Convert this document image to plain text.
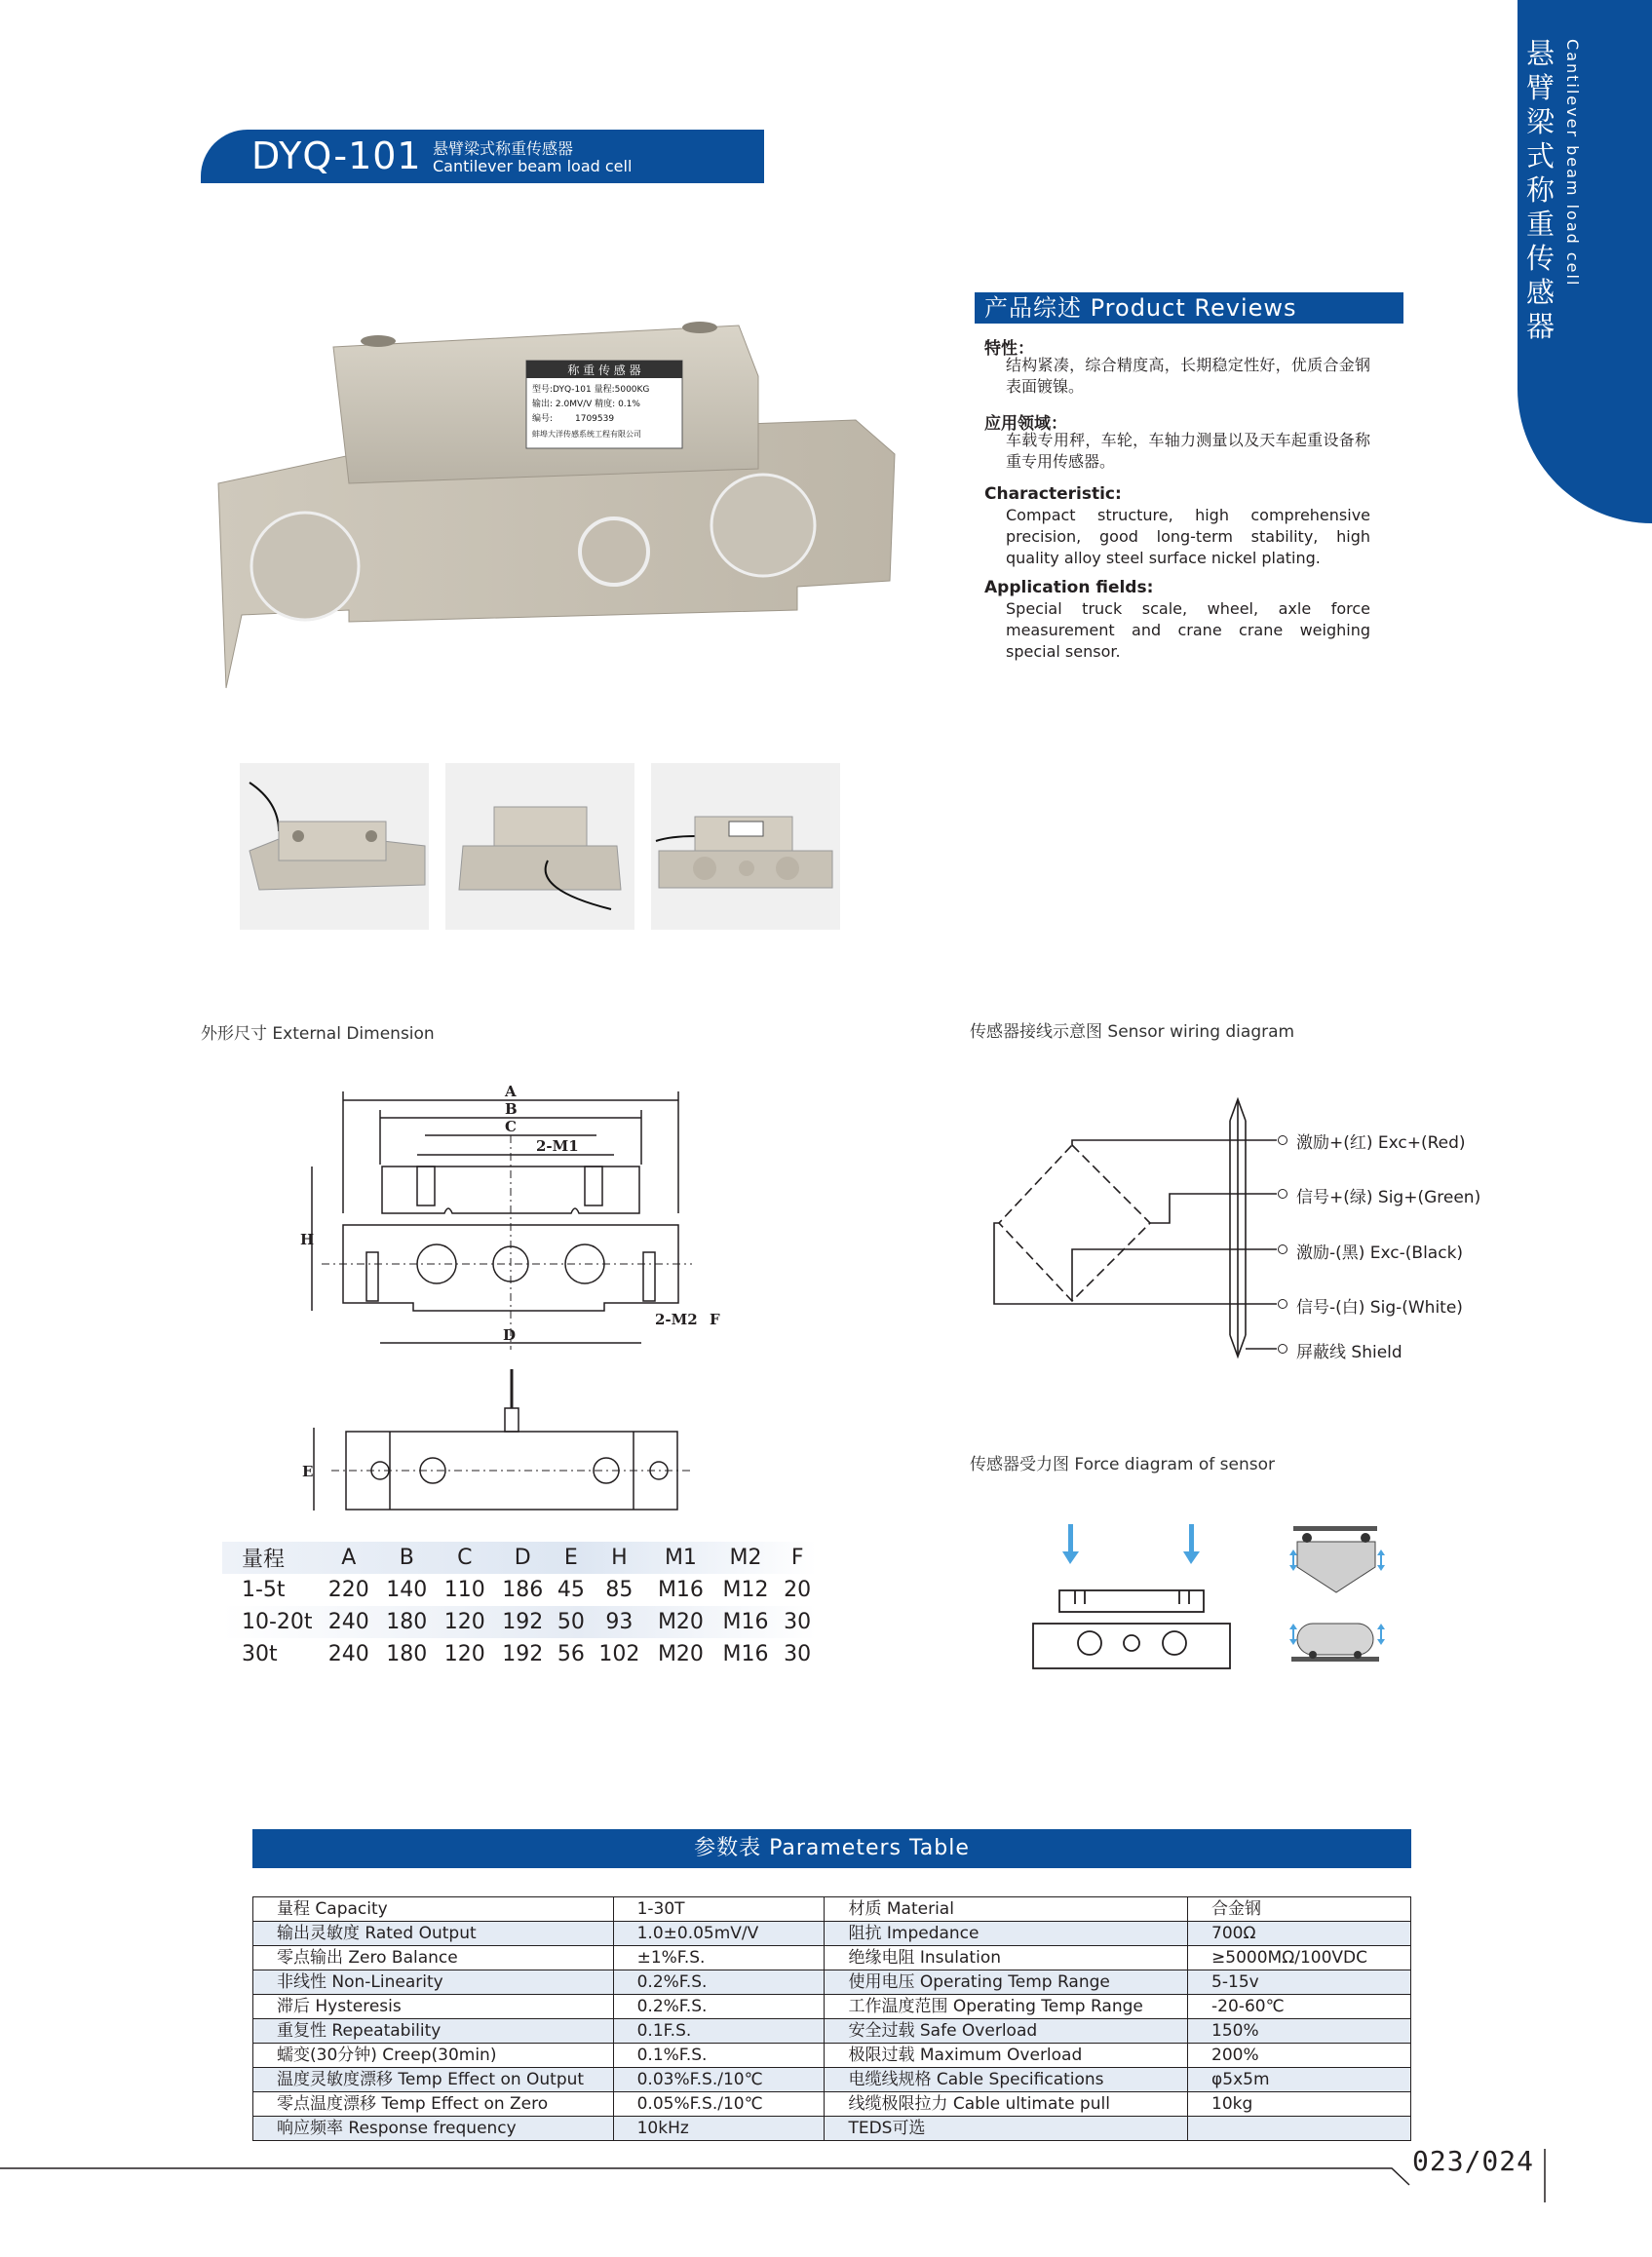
DYQ-101 悬臂梁式称重传感器
Cantilever beam load cell
悬臂梁式称重传感器
Cantilever beam load cell
称 重 传 感 器
型号:DYQ-101 量程:5000KG
输出: 2.0MV/V 精度: 0.1%
编号:	1709539
蚌埠大洋传感系统工程有限公司
产品综述 Product Reviews
特性：
结构紧凑，综合精度高，长期稳定性好，优质合金钢表面镀镍。
应用领域：
车载专用秤，车轮，车轴力测量以及天车起重设备称重专用传感器。
Characteristic:
Compact structure, high comprehensive precision, good long-term stability, high quality alloy steel surface nickel plating.
Application fields:
Special truck scale, wheel, axle force measurement and crane crane weighing special sensor.
外形尺寸 External Dimension	传感器接线示意图 Sensor wiring diagram
传感器受力图 Force diagram of sensor
A
B
C
2-M1
H
D
2-M2 F
E
量程	A	B	C	D	E	H	M1	M2	F
1-5t	220	140	110	186	45	85	M16	M12	20
10-20t	240	180	120	192	50	93	M20	M16	30
30t	240	180	120	192	56	102	M20	M16	30
激励+(红) Exc+(Red)
信号+(绿) Sig+(Green)
激励-(黑) Exc-(Black)
信号-(白) Sig-(White)
屏蔽线 Shield
参数表 Parameters Table
量程 Capacity	1-30T	材质 Material	合金钢
输出灵敏度 Rated Output	1.0±0.05mV/V	阻抗 Impedance	700Ω
零点输出 Zero Balance	±1%F.S.	绝缘电阻 Insulation	≥5000MΩ/100VDC
非线性 Non-Linearity	0.2%F.S.	使用电压 Operating Temp Range	5-15v
滞后 Hysteresis	0.2%F.S.	工作温度范围 Operating Temp Range	-20-60℃
重复性 Repeatability	0.1F.S.	安全过载 Safe Overload	150%
蠕变(30分钟) Creep(30min)	0.1%F.S.	极限过载 Maximum Overload	200%
温度灵敏度漂移 Temp Effect on Output	0.03%F.S./10℃	电缆线规格 Cable Specifications	φ5x5m
零点温度漂移 Temp Effect on Zero	0.05%F.S./10℃	线缆极限拉力 Cable ultimate pull	10kg
响应频率 Response frequency	10kHz	TEDS可选	
023/024
